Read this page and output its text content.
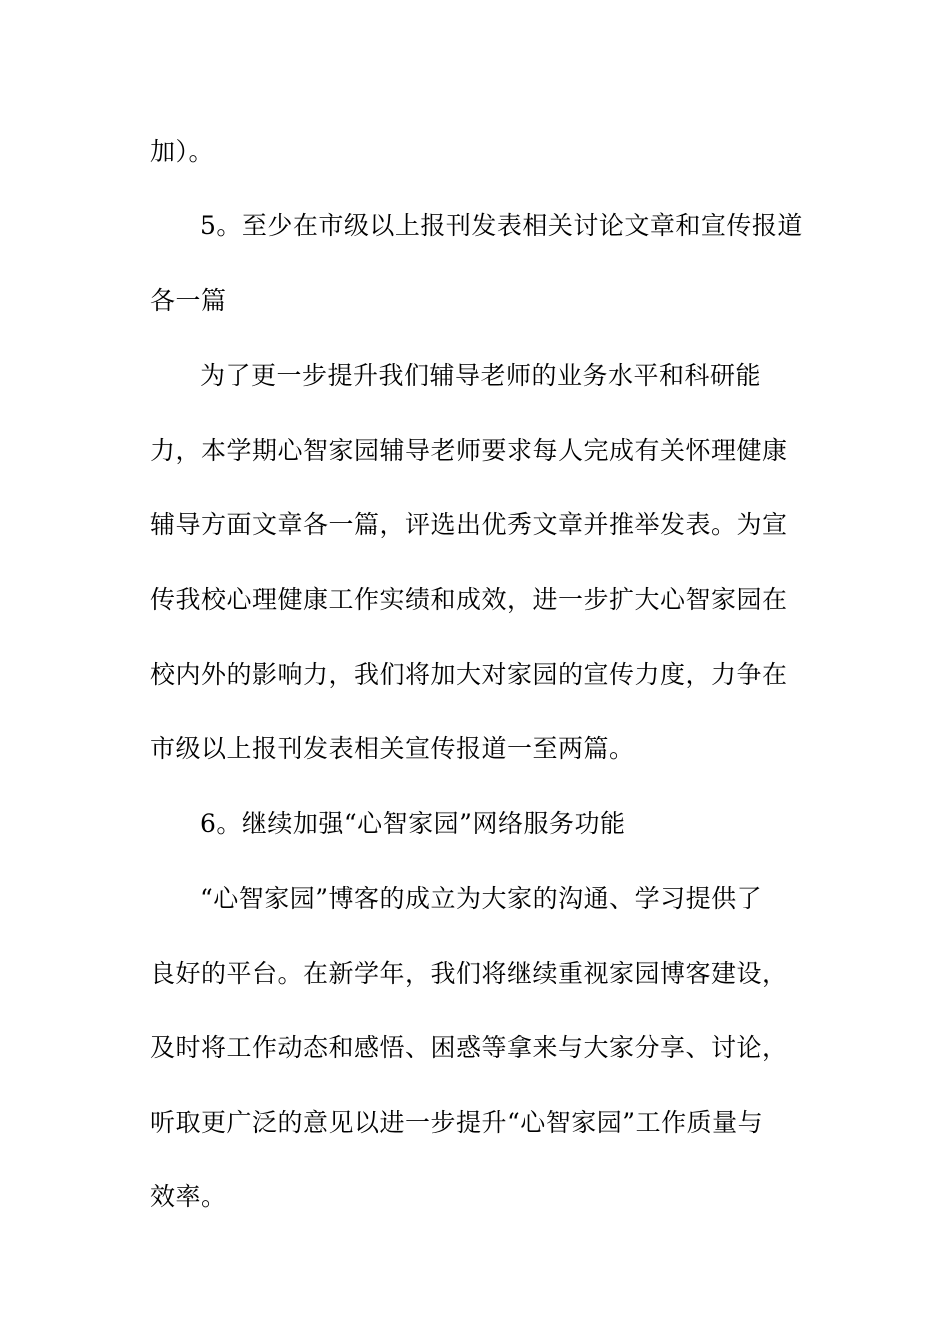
加）。
5。至少在市级以上报刊发表相关讨论文章和宣传报道
各一篇
为了更一步提升我们辅导老师的业务水平和科研能
力，本学期心智家园辅导老师要求每人完成有关怀理健康
辅导方面文章各一篇，评选出优秀文章并推举发表。为宣
传我校心理健康工作实绩和成效，进一步扩大心智家园在
校内外的影响力，我们将加大对家园的宣传力度，力争在
市级以上报刊发表相关宣传报道一至两篇。
6。继续加强“心智家园”网络服务功能
“心智家园”博客的成立为大家的沟通、学习提供了
良好的平台。在新学年，我们将继续重视家园博客建设，
及时将工作动态和感悟、困惑等拿来与大家分享、讨论，
听取更广泛的意见以进一步提升“心智家园”工作质量与
效率。
